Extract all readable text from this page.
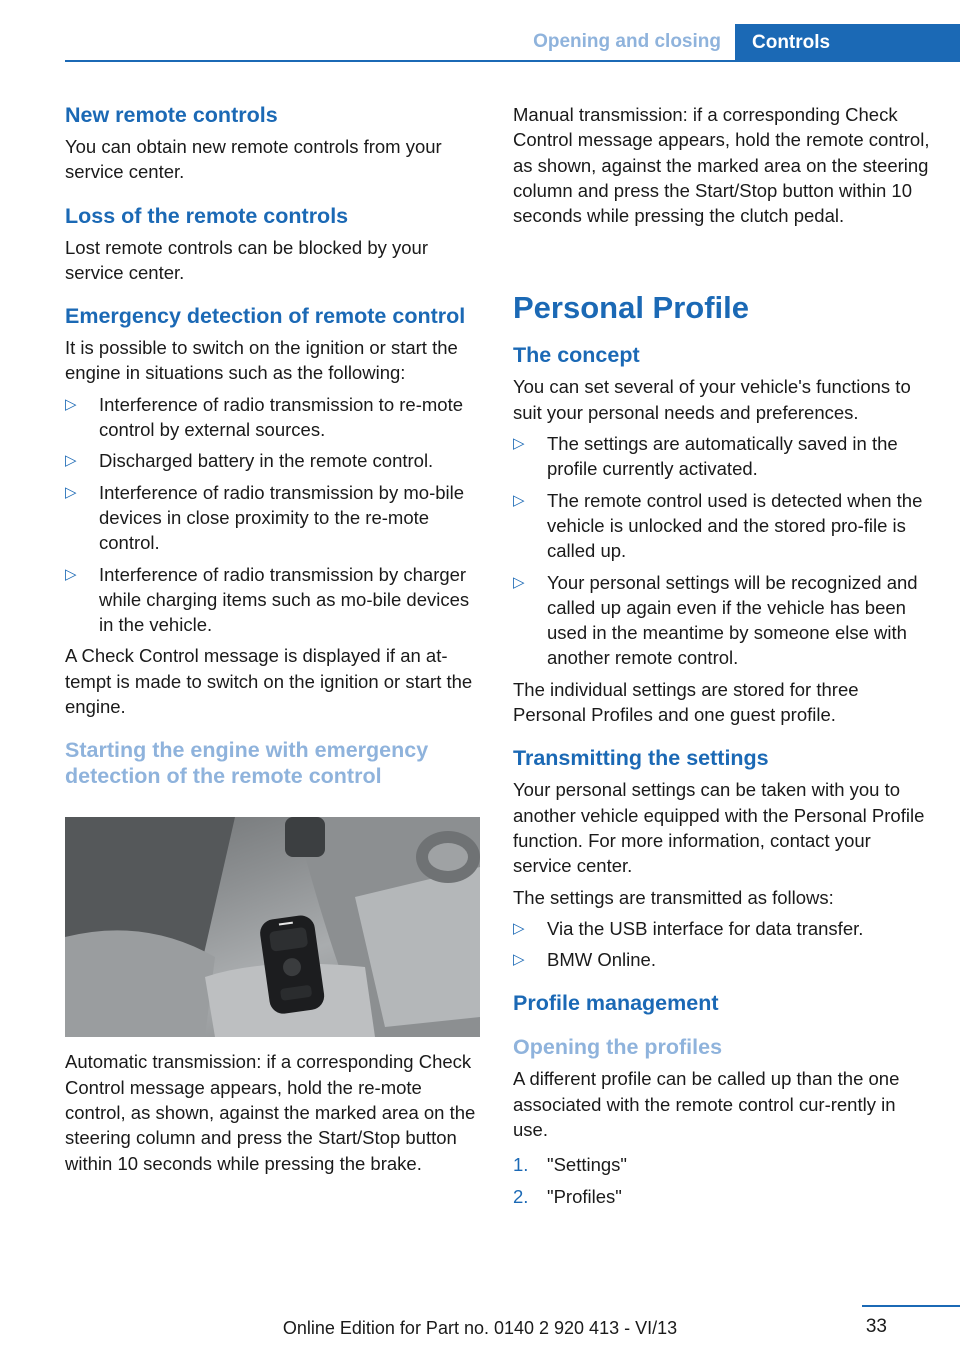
Opening and closing	Controls
New remote controls

You can obtain new remote controls from your service center.

Loss of the remote controls

Lost remote controls can be blocked by your service center.

Emergency detection of remote control

It is possible to switch on the ignition or start the engine in situations such as the following:

▷ Interference of radio transmission to re‐mote control by external sources.
▷ Discharged battery in the remote control.
▷ Interference of radio transmission by mo‐bile devices in close proximity to the re‐mote control.
▷ Interference of radio transmission by charger while charging items such as mo‐bile devices in the vehicle.

A Check Control message is displayed if an at‐tempt is made to switch on the ignition or start the engine.

Starting the engine with emergency detection of the remote control

Automatic transmission: if a corresponding Check Control message appears, hold the re‐mote control, as shown, against the marked area on the steering column and press the Start/Stop button within 10 seconds while pressing the brake.

Manual transmission: if a corresponding Check Control message appears, hold the remote control, as shown, against the marked area on the steering column and press the Start/Stop button within 10 seconds while pressing the clutch pedal.

Personal Profile
The concept

You can set several of your vehicle's functions to suit your personal needs and preferences.

▷ The settings are automatically saved in the profile currently activated.
▷ The remote control used is detected when the vehicle is unlocked and the stored pro‐file is called up.
▷ Your personal settings will be recognized and called up again even if the vehicle has been used in the meantime by someone else with another remote control.

The individual settings are stored for three Personal Profiles and one guest profile.

Transmitting the settings

Your personal settings can be taken with you to another vehicle equipped with the Personal Profile function. For more information, contact your service center.

The settings are transmitted as follows:

▷ Via the USB interface for data transfer.
▷ BMW Online.
Profile management
Opening the profiles

A different profile can be called up than the one associated with the remote control cur‐rently in use.

1. "Settings"
2. "Profiles"
33
Online Edition for Part no. 0140 2 920 413 - VI/13
